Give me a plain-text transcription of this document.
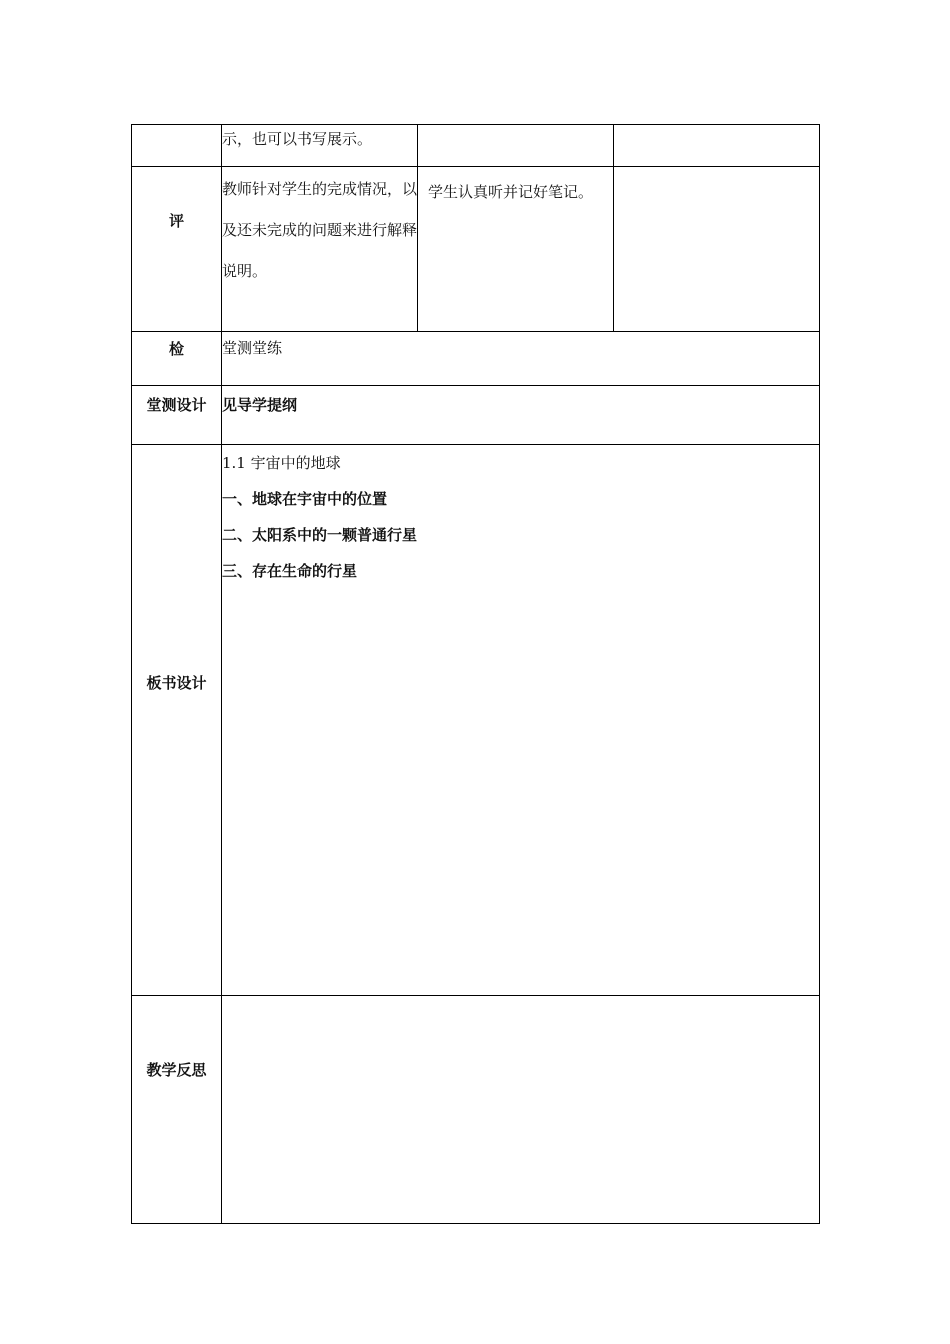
	示，也可以书写展示。		
评	教师针对学生的完成情况，以及还未完成的问题来进行解释说明。	学生认真听并记好笔记。	
检	堂测堂练		
堂测设计	见导学提纲		
板书设计	1.1 宇宙中的地球
一、地球在宇宙中的位置
二、太阳系中的一颗普通行星
三、存在生命的行星		

教学反思			
